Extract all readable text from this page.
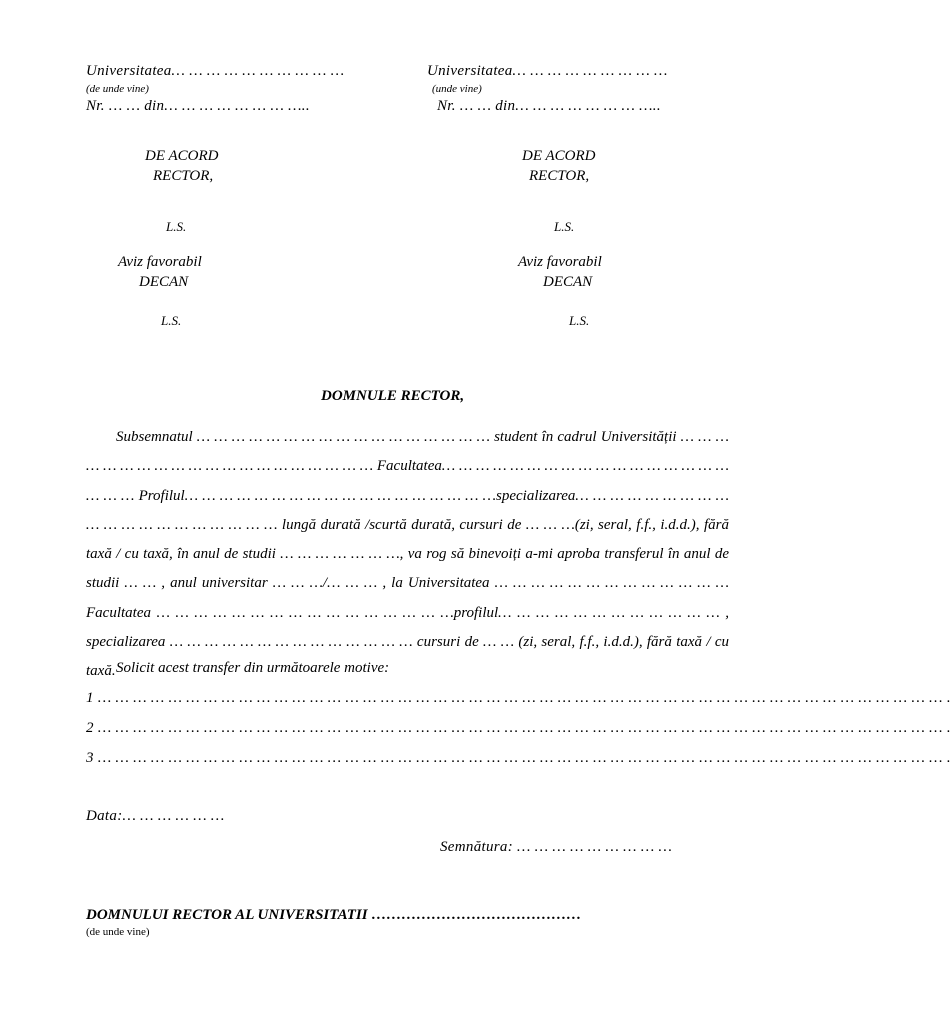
Universitatea… … … … … … … … … …
(de unde vine)
Nr. … … din… … … … … … … …..
Universitatea… … … … … … … … …
(unde vine)
Nr. … … din… … … … … … … …..
DE ACORD
RECTOR,
L.S.
Aviz favorabil
DECAN
L.S.
DE ACORD
RECTOR,
L.S.
Aviz favorabil
DECAN
L.S.
DOMNULE RECTOR,
Subsemnatul … … … … … … … … … … … … … … … … … student în cadrul Universității … … … … … … … … … … … … … … … … … … … … Facultatea… … … … … … … … … … … … … … … … … … … … Profilul… … … … … … … … … … … … … … … … … …specializarea… … … … … … … … … … … … … … … … … … … … lungă durată /scurtă durată, cursuri de … … …(zi, seral, f.f., i.d.d.), fără taxă / cu taxă, în anul de studii … … … … … … …, va rog să binevoiți a-mi aproba transferul în anul de studii … … , anul universitar … … …/… … … , la Universitatea … … … … … … … … … … … … … Facultatea … … … … … … … … … … … … … … … …profilul… … … … … … … … … … … … , specializarea … … … … … … … … … … … … … … cursuri de … … (zi, seral, f.f., i.d.d.), fără taxă / cu taxă. Solicit acest transfer din următoarele motive:
1 … … … … … … … … … … … … … … … … … … … … … … … … … … … … … … … … … … … … … … … … … … … … … … … … .
2 … … … … … … … … … … … … … … … … … … … … … … … … … … … … … … … … … … … … … … … … … … … … … … … … .
3 … … … … … … … … … … … … … … … … … … … … … … … … … … … … … … … … … … … … … … … … … … … … … … … … .
Data:… … … … … …
Semnătura: … … … … … … … … …
DOMNULUI RECTOR AL UNIVERSITATII ……………………………………
(de unde vine)
